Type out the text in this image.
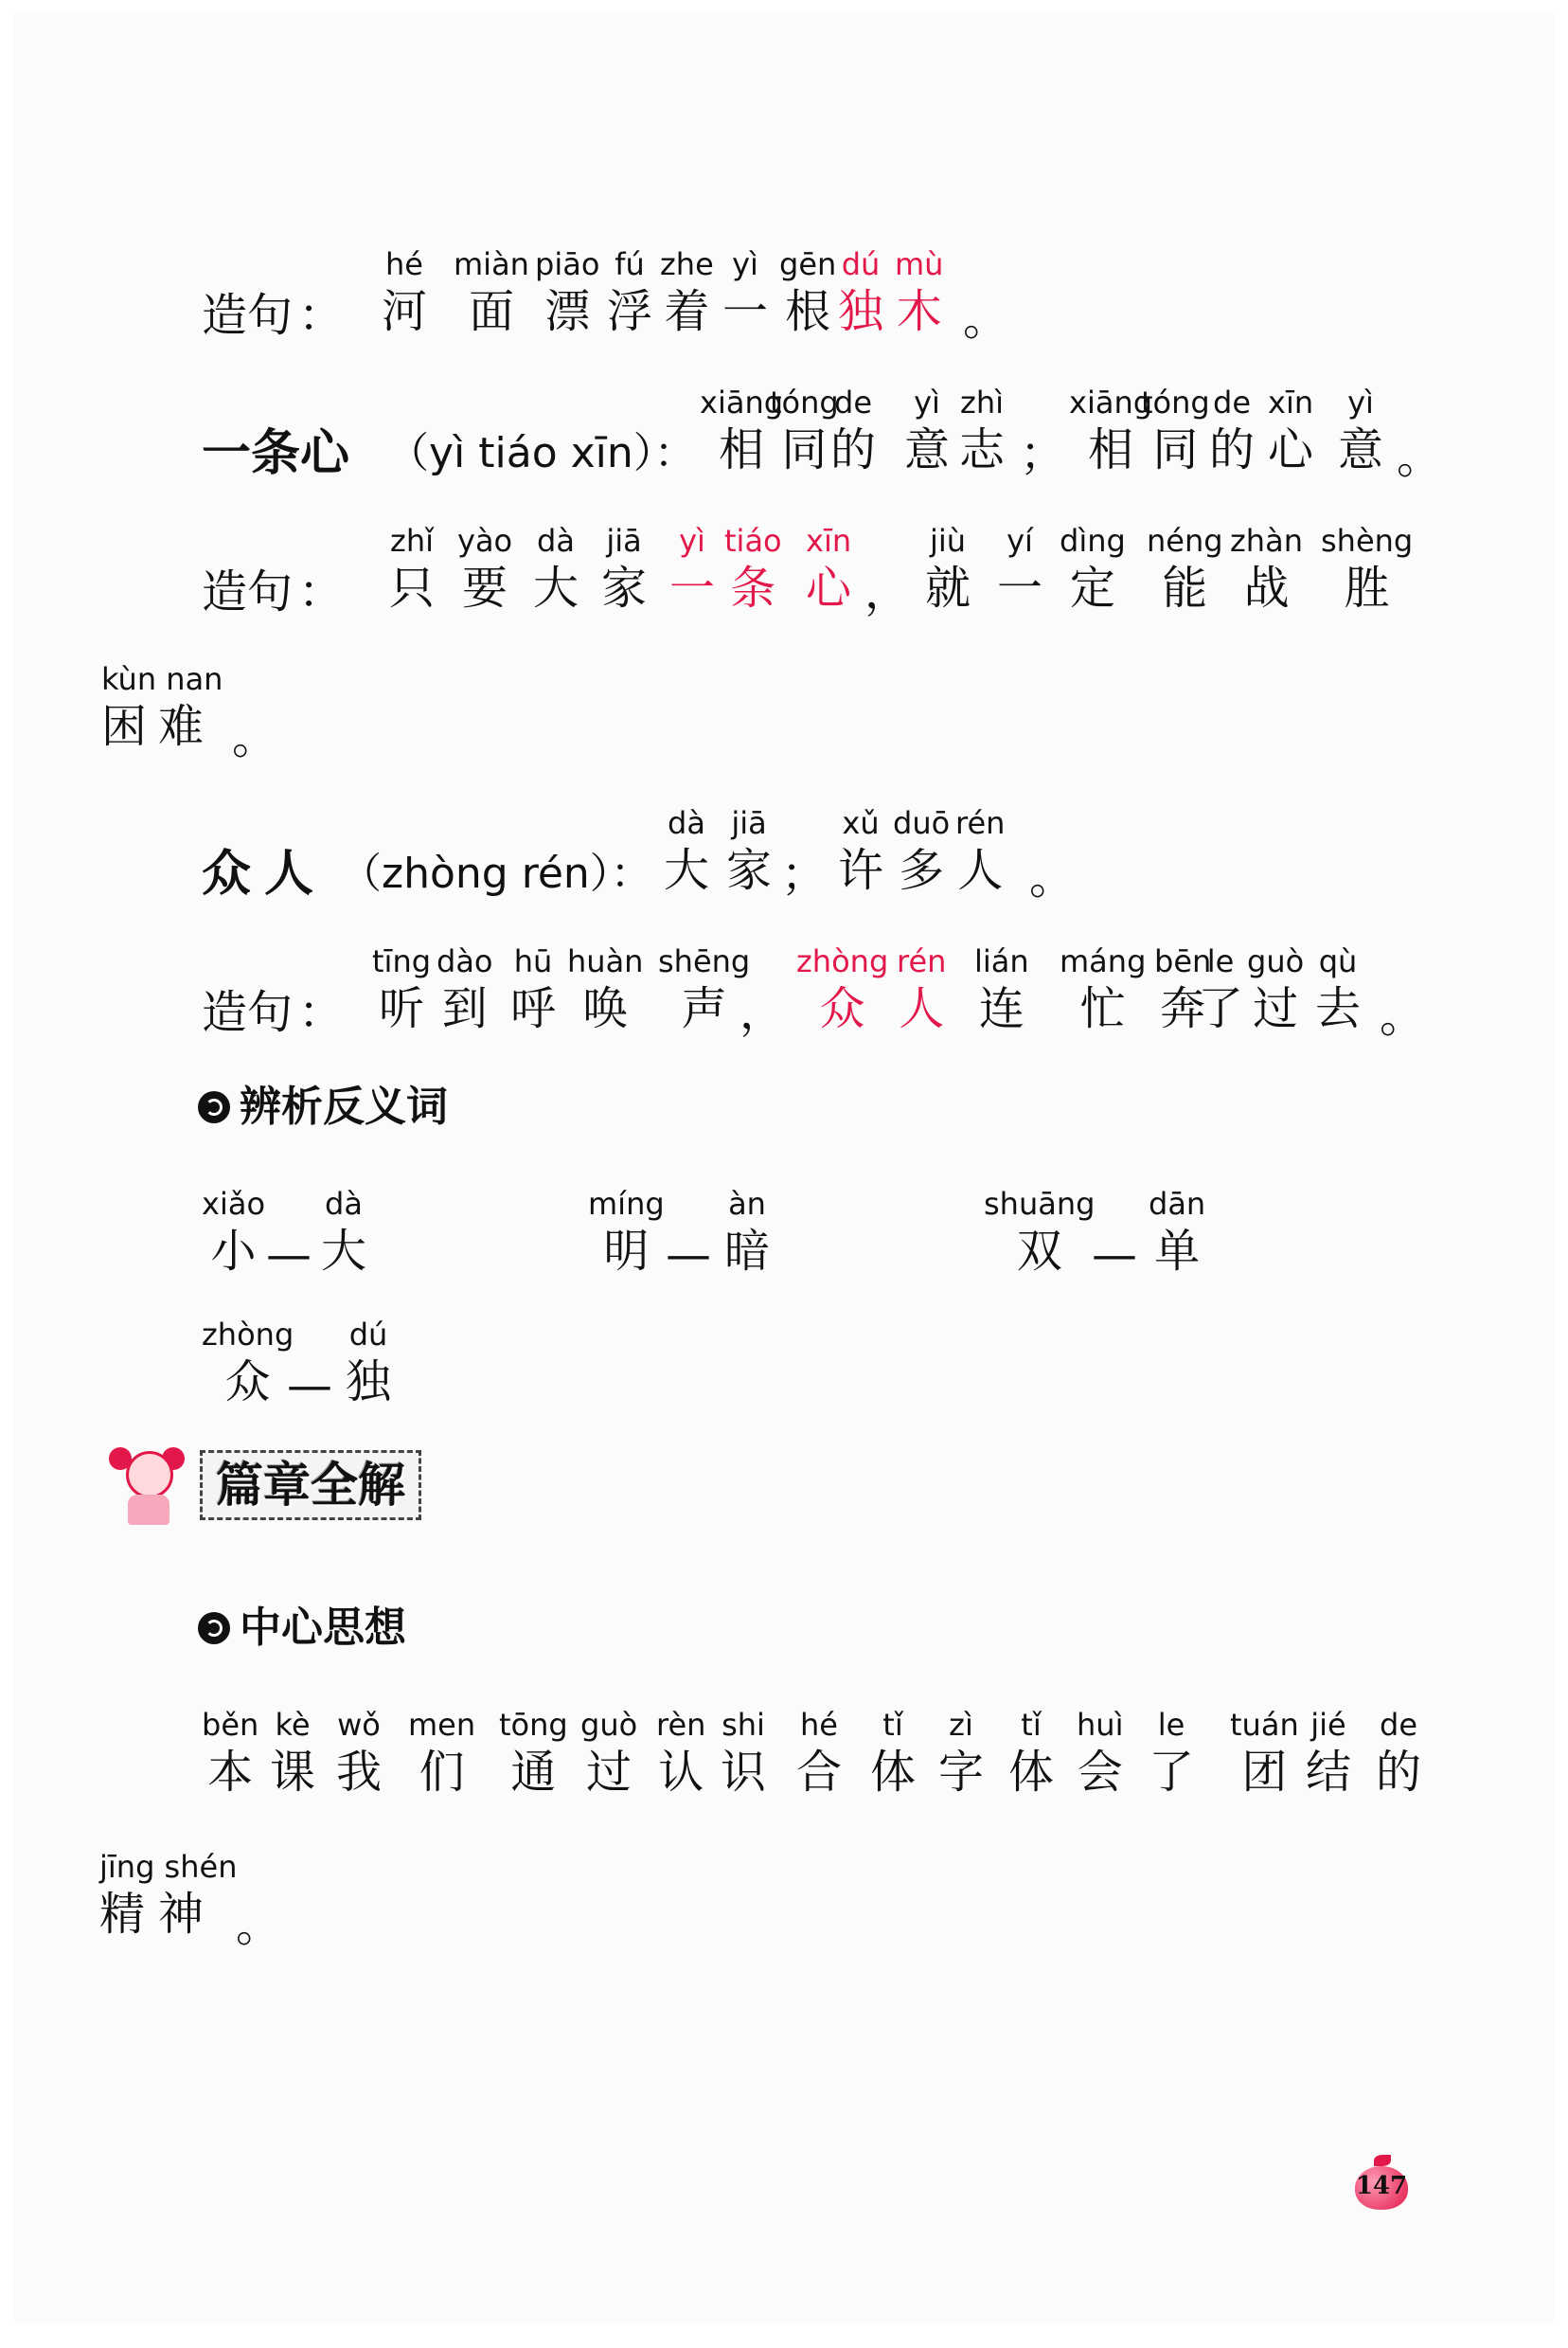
造句 ：
hé
河
miàn
面
piāo
漂
fú
浮
zhe
着
yì
一
gēn
根
dú
独
mù
木 。
一条心 （yì tiáo xīn）：
xiāng
相
tóng
同
de
的
yì
意
zhì
志 ；
xiāng
相
tóng
同
de
的
xīn
心
yì
意 。
造句 ：
zhǐ
只
yào
要
dà
大
jiā
家
yì
一
tiáo
条
xīn
心 ，
jiù
就
yí
一
dìng
定
néng
能
zhàn
战
shèng
胜
kùn nan
困难 。
众人 （zhòng rén）：
dà
大
jiā
家 ；
xǔ
许
duō
多
rén
人 。
造句 ：
tīng
听
dào
到
hū
呼
huàn
唤
shēng
声 ，
zhòng
众
rén
人
lián
连
máng
忙
bēn
奔
le
了
guò
过
qù
去 。
辨析反义词
xiǎo
小 —
dà
大
míng
明 —
àn
暗
shuāng
双 —
dān
单
zhòng
众 —
dú
独
篇章全解
中心思想
běn
本
kè
课
wǒ
我
men
们
tōng
通
guò
过
rèn
认
shi
识
hé
合
tǐ
体
zì
字
tǐ
体
huì
会
le
了
tuán
团
jié
结
de
的
jīng shén
精神 。
147
